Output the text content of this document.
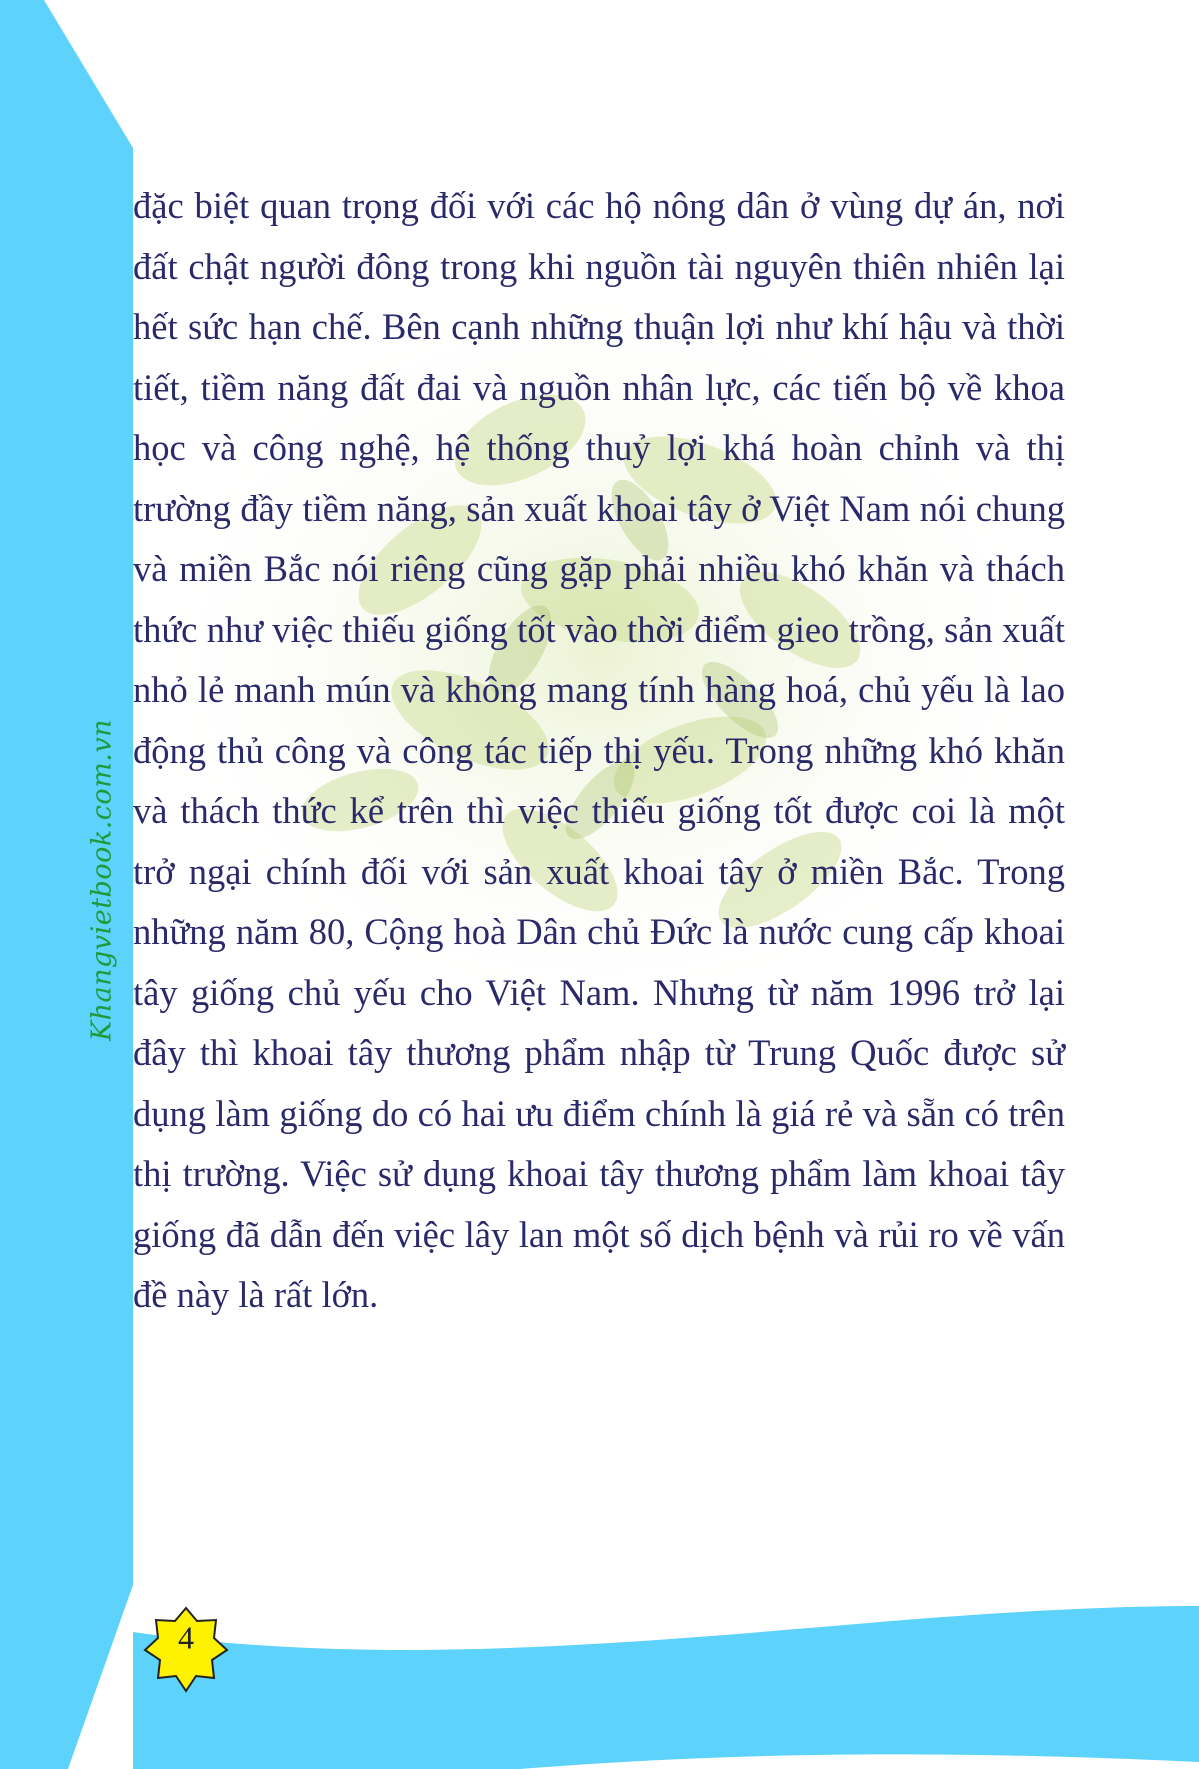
Khangvietbook.com.vn

đặc biệt quan trọng đối với các hộ nông dân ở vùng dự án, nơi đất chật người đông trong khi nguồn tài nguyên thiên nhiên lại hết sức hạn chế. Bên cạnh những thuận lợi như khí hậu và thời tiết, tiềm năng đất đai và nguồn nhân lực, các tiến bộ về khoa học và công nghệ, hệ thống thuỷ lợi khá hoàn chỉnh và thị trường đầy tiềm năng, sản xuất khoai tây ở Việt Nam nói chung và miền Bắc nói riêng cũng gặp phải nhiều khó khăn và thách thức như việc thiếu giống tốt vào thời điểm gieo trồng, sản xuất nhỏ lẻ manh mún và không mang tính hàng hoá, chủ yếu là lao động thủ công và công tác tiếp thị yếu. Trong những khó khăn và thách thức kể trên thì việc thiếu giống tốt được coi là một trở ngại chính đối với sản xuất khoai tây ở miền Bắc. Trong những năm 80, Cộng hoà Dân chủ Đức là nước cung cấp khoai tây giống chủ yếu cho Việt Nam. Nhưng từ năm 1996 trở lại đây thì khoai tây thương phẩm nhập từ Trung Quốc được sử dụng làm giống do có hai ưu điểm chính là giá rẻ và sẵn có trên thị trường. Việc sử dụng khoai tây thương phẩm làm khoai tây giống đã dẫn đến việc lây lan một số dịch bệnh và rủi ro về vấn đề này là rất lớn.

4
